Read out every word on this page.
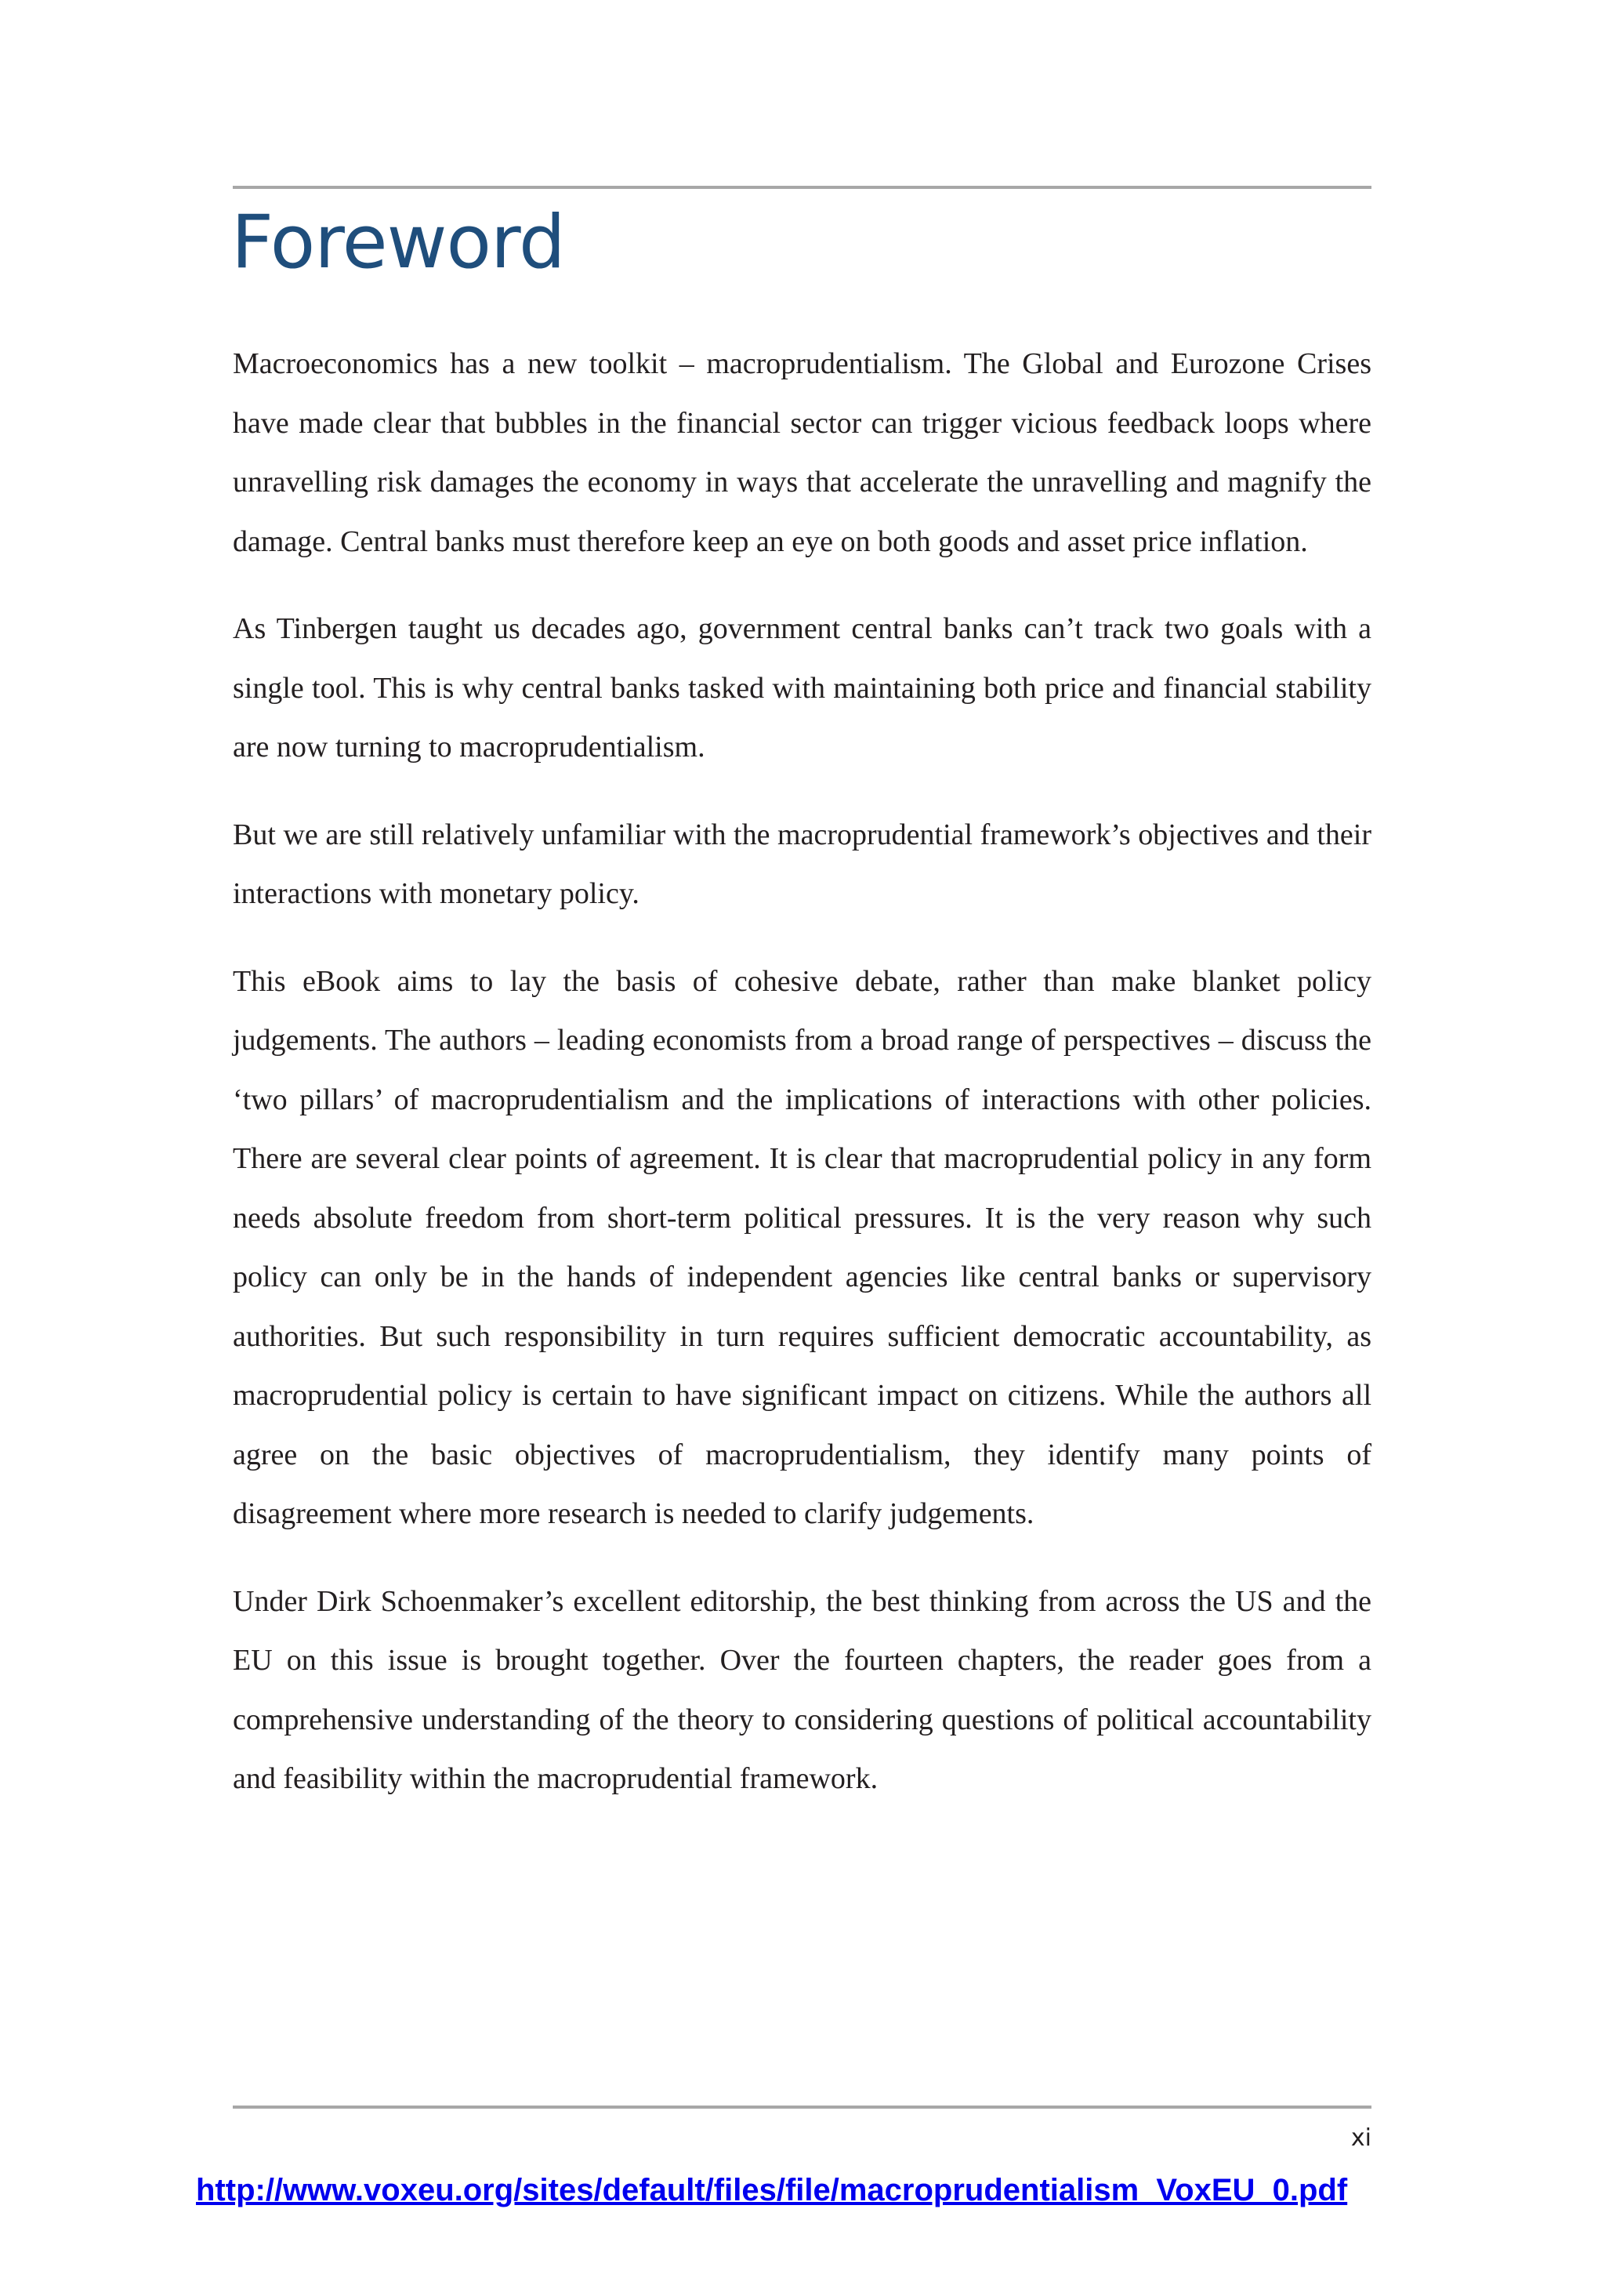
Foreword

Macroeconomics has a new toolkit – macroprudentialism. The Global and Eurozone Crises have made clear that bubbles in the financial sector can trigger vicious feedback loops where unravelling risk damages the economy in ways that accelerate the unravelling and magnify the damage. Central banks must therefore keep an eye on both goods and asset price inflation.

As Tinbergen taught us decades ago, government central banks can’t track two goals with a single tool. This is why central banks tasked with maintaining both price and financial stability are now turning to macroprudentialism.

But we are still relatively unfamiliar with the macroprudential framework’s objectives and their interactions with monetary policy.

This eBook aims to lay the basis of cohesive debate, rather than make blanket policy judgements. The authors – leading economists from a broad range of perspectives – discuss the ‘two pillars’ of macroprudentialism and the implications of interactions with other policies. There are several clear points of agreement. It is clear that macroprudential policy in any form needs absolute freedom from short-term political pressures. It is the very reason why such policy can only be in the hands of independent agencies like central banks or supervisory authorities. But such responsibility in turn requires sufficient democratic accountability, as macroprudential policy is certain to have significant impact on citizens. While the authors all agree on the basic objectives of macroprudentialism, they identify many points of disagreement where more research is needed to clarify judgements.

Under Dirk Schoenmaker’s excellent editorship, the best thinking from across the US and the EU on this issue is brought together. Over the fourteen chapters, the reader goes from a comprehensive understanding of the theory to considering questions of political accountability and feasibility within the macroprudential framework.

xi
http://www.voxeu.org/sites/default/files/file/macroprudentialism_VoxEU_0.pdf
